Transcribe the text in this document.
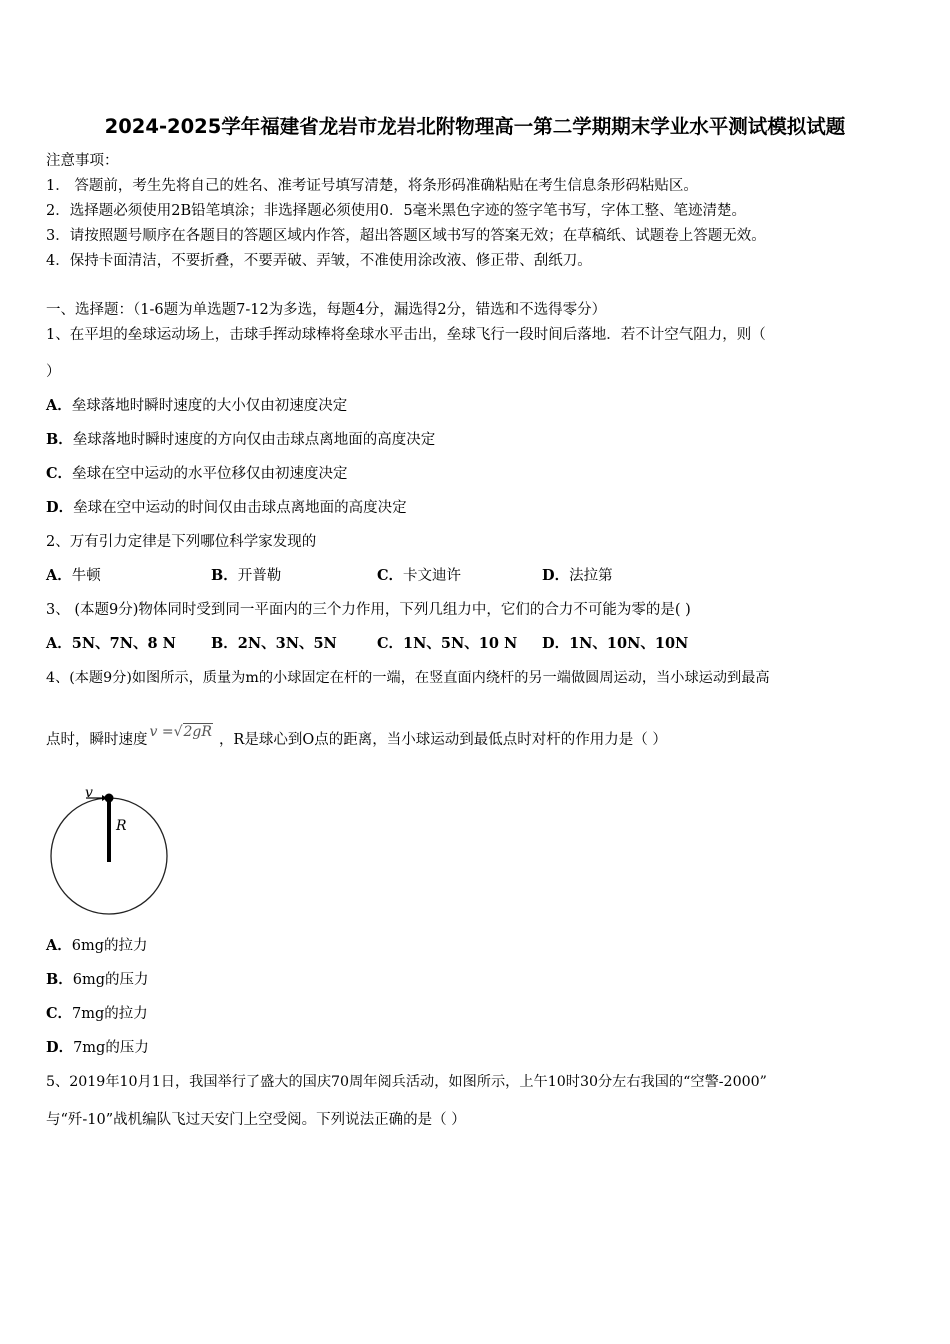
2024-2025学年福建省龙岩市龙岩北附物理高一第二学期期末学业水平测试模拟试题
注意事项：
1． 答题前，考生先将自己的姓名、准考证号填写清楚，将条形码准确粘贴在考生信息条形码粘贴区。
2．选择题必须使用2B铅笔填涂；非选择题必须使用0．5毫米黑色字迹的签字笔书写，字体工整、笔迹清楚。
3．请按照题号顺序在各题目的答题区域内作答，超出答题区域书写的答案无效；在草稿纸、试题卷上答题无效。
4．保持卡面清洁，不要折叠，不要弄破、弄皱，不准使用涂改液、修正带、刮纸刀。
一、选择题：（1-6题为单选题7-12为多选，每题4分，漏选得2分，错选和不选得零分）
1、在平坦的垒球运动场上，击球手挥动球棒将垒球水平击出，垒球飞行一段时间后落地．若不计空气阻力，则（
）
A．垒球落地时瞬时速度的大小仅由初速度决定
B．垒球落地时瞬时速度的方向仅由击球点离地面的高度决定
C．垒球在空中运动的水平位移仅由初速度决定
D．垒球在空中运动的时间仅由击球点离地面的高度决定
2、万有引力定律是下列哪位科学家发现的
A．牛顿	B．开普勒	C．卡文迪许	D．法拉第
3、 (本题9分)物体同时受到同一平面内的三个力作用，下列几组力中，它们的合力不可能为零的是( )
A．5N、7N、8 N B．2N、3N、5N	C．1N、5N、10 N D．1N、10N、10N
4、(本题9分)如图所示，质量为m的小球固定在杆的一端，在竖直面内绕杆的另一端做圆周运动，当小球运动到最高
点时，瞬时速度 v =√2gR ，R是球心到O点的距离，当小球运动到最低点时对杆的作用力是（ ）
v
R
A．6mg的拉力
B．6mg的压力
C．7mg的拉力
D．7mg的压力
5、2019年10月1日，我国举行了盛大的国庆70周年阅兵活动，如图所示，上午10时30分左右我国的“空警-2000”
与“歼-10”战机编队飞过天安门上空受阅。下列说法正确的是（ ）
